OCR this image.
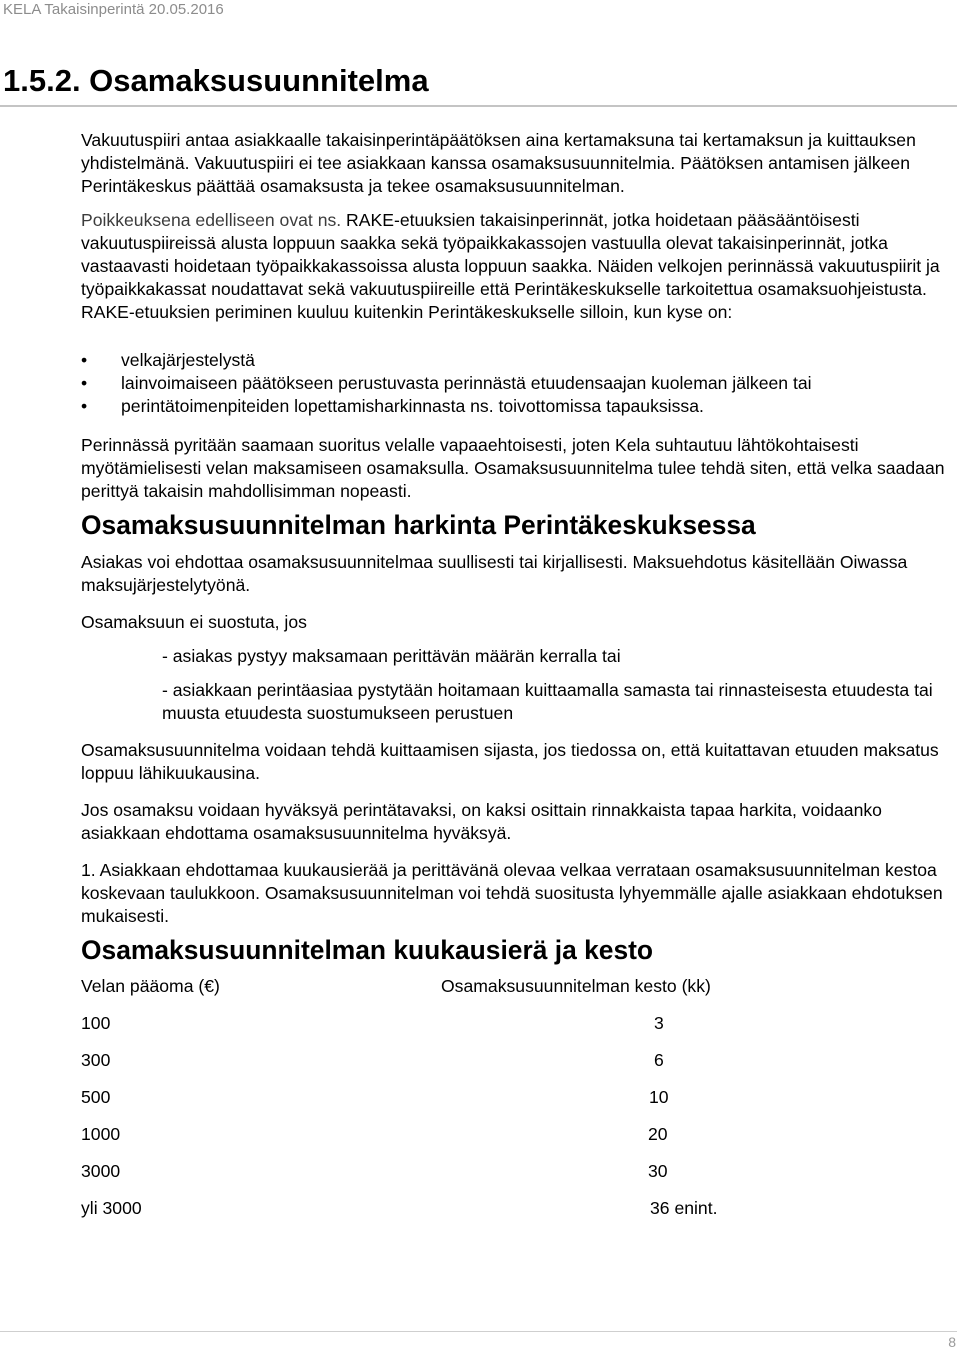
KELA Takaisinperintä 20.05.2016
1.5.2. Osamaksusuunnitelma

Vakuutuspiiri antaa asiakkaalle takaisinperintäpäätöksen aina kertamaksuna tai kertamaksun ja kuittauksen yhdistelmänä. Vakuutuspiiri ei tee asiakkaan kanssa osamaksusuunnitelmia. Päätöksen antamisen jälkeen Perintäkeskus päättää osamaksusta ja tekee osamaksusuunnitelman.

Poikkeuksena edelliseen ovat ns. RAKE-etuuksien takaisinperinnät, jotka hoidetaan pääsääntöisesti vakuutuspiireissä alusta loppuun saakka sekä työpaikkakassojen vastuulla olevat takaisinperinnät, jotka vastaavasti hoidetaan työpaikkakassoissa alusta loppuun saakka. Näiden velkojen perinnässä vakuutuspiirit ja työpaikkakassat noudattavat sekä vakuutuspiireille että Perintäkeskukselle tarkoitettua osamaksuohjeistusta. RAKE-etuuksien periminen kuuluu kuitenkin Perintäkeskukselle silloin, kun kyse on:

• velkajärjestelystä
• lainvoimaiseen päätökseen perustuvasta perinnästä etuudensaajan kuoleman jälkeen tai
• perintätoimenpiteiden lopettamisharkinnasta ns. toivottomissa tapauksissa.

Perinnässä pyritään saamaan suoritus velalle vapaaehtoisesti, joten Kela suhtautuu lähtökohtaisesti myötämielisesti velan maksamiseen osamaksulla. Osamaksusuunnitelma tulee tehdä siten, että velka saadaan perittyä takaisin mahdollisimman nopeasti.

Osamaksusuunnitelman harkinta Perintäkeskuksessa

Asiakas voi ehdottaa osamaksusuunnitelmaa suullisesti tai kirjallisesti. Maksuehdotus käsitellään Oiwassa maksujärjestelytyönä.

Osamaksuun ei suostuta, jos

- asiakas pystyy maksamaan perittävän määrän kerralla tai

- asiakkaan perintäasiaa pystytään hoitamaan kuittaamalla samasta tai rinnasteisesta etuudesta tai muusta etuudesta suostumukseen perustuen

Osamaksusuunnitelma voidaan tehdä kuittaamisen sijasta, jos tiedossa on, että kuitattavan etuuden maksatus loppuu lähikuukausina.

Jos osamaksu voidaan hyväksyä perintätavaksi, on kaksi osittain rinnakkaista tapaa harkita, voidaanko asiakkaan ehdottama osamaksusuunnitelma hyväksyä.

1. Asiakkaan ehdottamaa kuukausierää ja perittävänä olevaa velkaa verrataan osamaksusuunnitelman kestoa koskevaan taulukkoon. Osamaksusuunnitelman voi tehdä suositusta lyhyemmälle ajalle asiakkaan ehdotuksen mukaisesti.

Osamaksusuunnitelman kuukausierä ja kesto
Velan pääoma (€)	Osamaksusuunnitelman kesto (kk)
100	3
300	6
500	10
1000	20
3000	30
yli 3000	36 enint.
8
